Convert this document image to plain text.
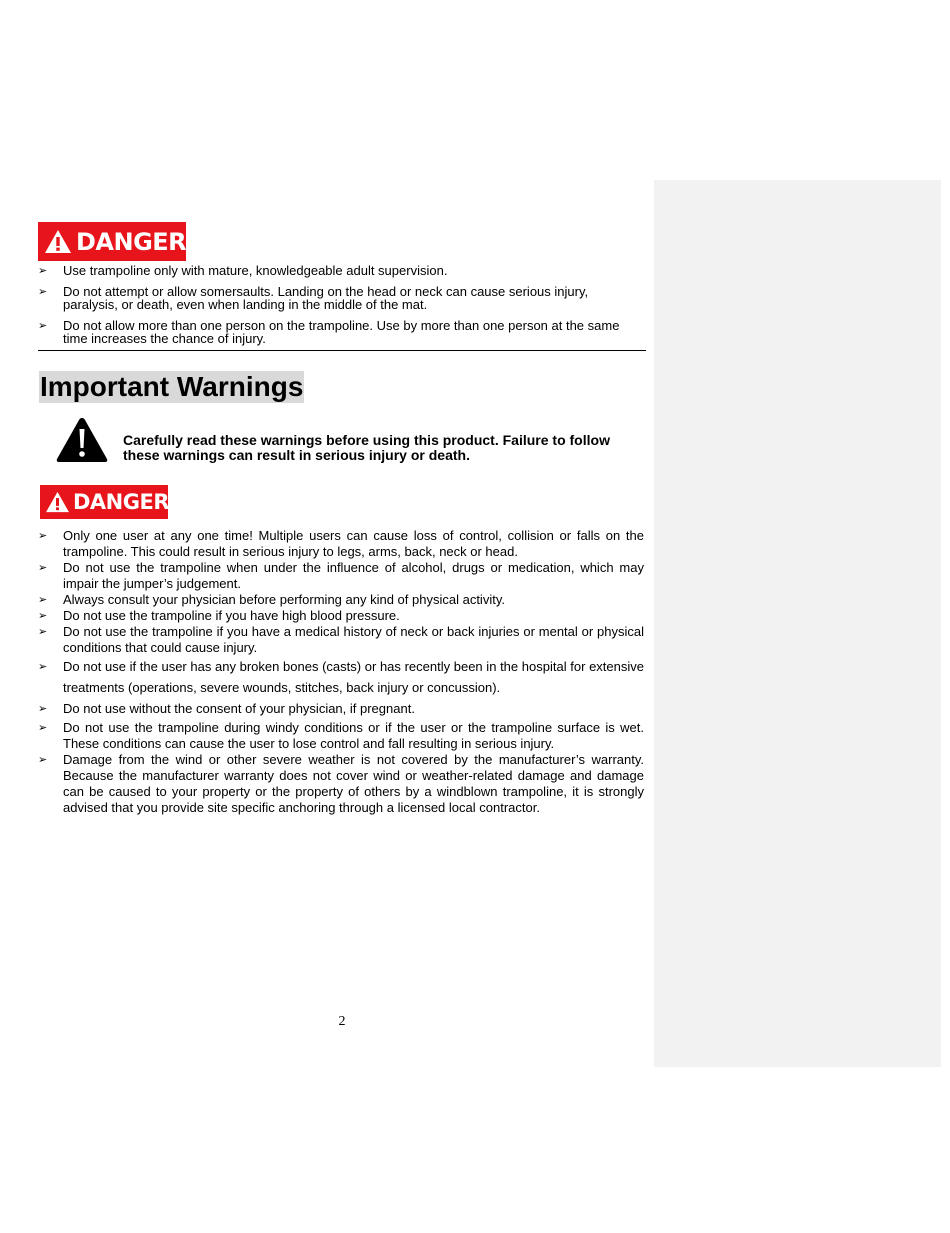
DANGER
➢ Use trampoline only with mature, knowledgeable adult supervision.
➢ Do not attempt or allow somersaults. Landing on the head or neck can cause serious injury, paralysis, or death, even when landing in the middle of the mat.
➢ Do not allow more than one person on the trampoline. Use by more than one person at the same time increases the chance of injury.
Important Warnings
Carefully read these warnings before using this product. Failure to follow these warnings can result in serious injury or death.
DANGER
➢ Only one user at any one time! Multiple users can cause loss of control, collision or falls on the trampoline. This could result in serious injury to legs, arms, back, neck or head.
➢ Do not use the trampoline when under the influence of alcohol, drugs or medication, which may impair the jumper’s judgement.
➢ Always consult your physician before performing any kind of physical activity.
➢ Do not use the trampoline if you have high blood pressure.
➢ Do not use the trampoline if you have a medical history of neck or back injuries or mental or physical conditions that could cause injury.
➢ Do not use if the user has any broken bones (casts) or has recently been in the hospital for extensive treatments (operations, severe wounds, stitches, back injury or concussion).
➢ Do not use without the consent of your physician, if pregnant.
➢ Do not use the trampoline during windy conditions or if the user or the trampoline surface is wet. These conditions can cause the user to lose control and fall resulting in serious injury.
➢ Damage from the wind or other severe weather is not covered by the manufacturer’s warranty. Because the manufacturer warranty does not cover wind or weather-related damage and damage can be caused to your property or the property of others by a windblown trampoline, it is strongly advised that you provide site specific anchoring through a licensed local contractor.
2
